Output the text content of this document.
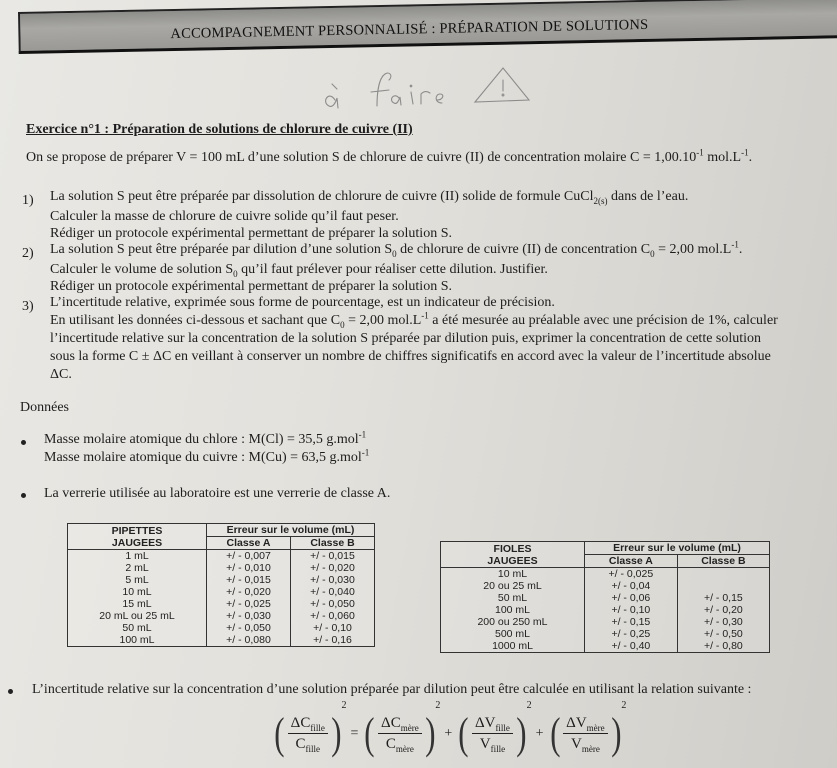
ACCOMPAGNEMENT PERSONNALISÉ : PRÉPARATION DE SOLUTIONS
Exercice n°1 : Préparation de solutions de chlorure de cuivre (II)
On se propose de préparer V = 100 mL d’une solution S de chlorure de cuivre (II) de concentration molaire $C = 1,00.10^{-1}$ $mol.L^{-1}$.
1) La solution S peut être préparée par dissolution de chlorure de cuivre (II) solide de formule CuCl$_{2(s)}$ dans de l’eau.
Calculer la masse de chlorure de cuivre solide qu’il faut peser.
Rédiger un protocole expérimental permettant de préparer la solution S.
2) La solution S peut être préparée par dilution d’une solution $S_0$ de chlorure de cuivre (II) de concentration $C_0 = 2,00$ $mol.L^{-1}$.
Calculer le volume de solution $S_0$ qu’il faut prélever pour réaliser cette dilution. Justifier.
Rédiger un protocole expérimental permettant de préparer la solution S.
3) L’incertitude relative, exprimée sous forme de pourcentage, est un indicateur de précision.
En utilisant les données ci-dessous et sachant que $C_0 = 2,00$ $mol.L^{-1}$ a été mesurée au préalable avec une précision de 1%, calculer
l’incertitude relative sur la concentration de la solution S préparée par dilution puis, exprimer la concentration de cette solution
sous la forme C ± ΔC en veillant à conserver un nombre de chiffres significatifs en accord avec la valeur de l’incertitude absolue
ΔC.
Données
Masse molaire atomique du chlore : M(Cl) = 35,5 g.mol$^{-1}$
Masse molaire atomique du cuivre : M(Cu) = 63,5 g.mol$^{-1}$
La verrerie utilisée au laboratoire est une verrerie de classe A.
PIPETTES
JAUGEES	Erreur sur le volume (mL)	
	Classe A	Classe B
1 mL	+/ - 0,007	+/ - 0,015
2 mL	+/ - 0,010	+/ - 0,020
5 mL	+/ - 0,015	+/ - 0,030
10 mL	+/ - 0,020	+/ - 0,040
15 mL	+/ - 0,025	+/ - 0,050
20 mL ou 25 mL	+/ - 0,030	+/ - 0,060
50 mL	+/ - 0,050	+/ - 0,10
100 mL	+/ - 0,080	+/ - 0,16
FIOLES
JAUGEES	Erreur sur le volume (mL)	
	Classe A	Classe B
10 mL	+/ - 0,025	
20 ou 25 mL	+/ - 0,04	
50 mL	+/ - 0,06	+/ - 0,15
100 mL	+/ - 0,10	+/ - 0,20
200 ou 250 mL	+/ - 0,15	+/ - 0,30
500 mL	+/ - 0,25	+/ - 0,50
1000 mL	+/ - 0,40	+/ - 0,80
L’incertitude relative sur la concentration d’une solution préparée par dilution peut être calculée en utilisant la relation suivante :
( $\frac{\Delta C_{fille}}{C_{fille}}$ )
2
= ( $\frac{\Delta C_{mère}}{C_{mère}}$ )
2
+ ( $\frac{\Delta V_{fille}}{V_{fille}}$ )
2
+ ( $\frac{\Delta V_{mère}}{V_{mère}}$ )
2
